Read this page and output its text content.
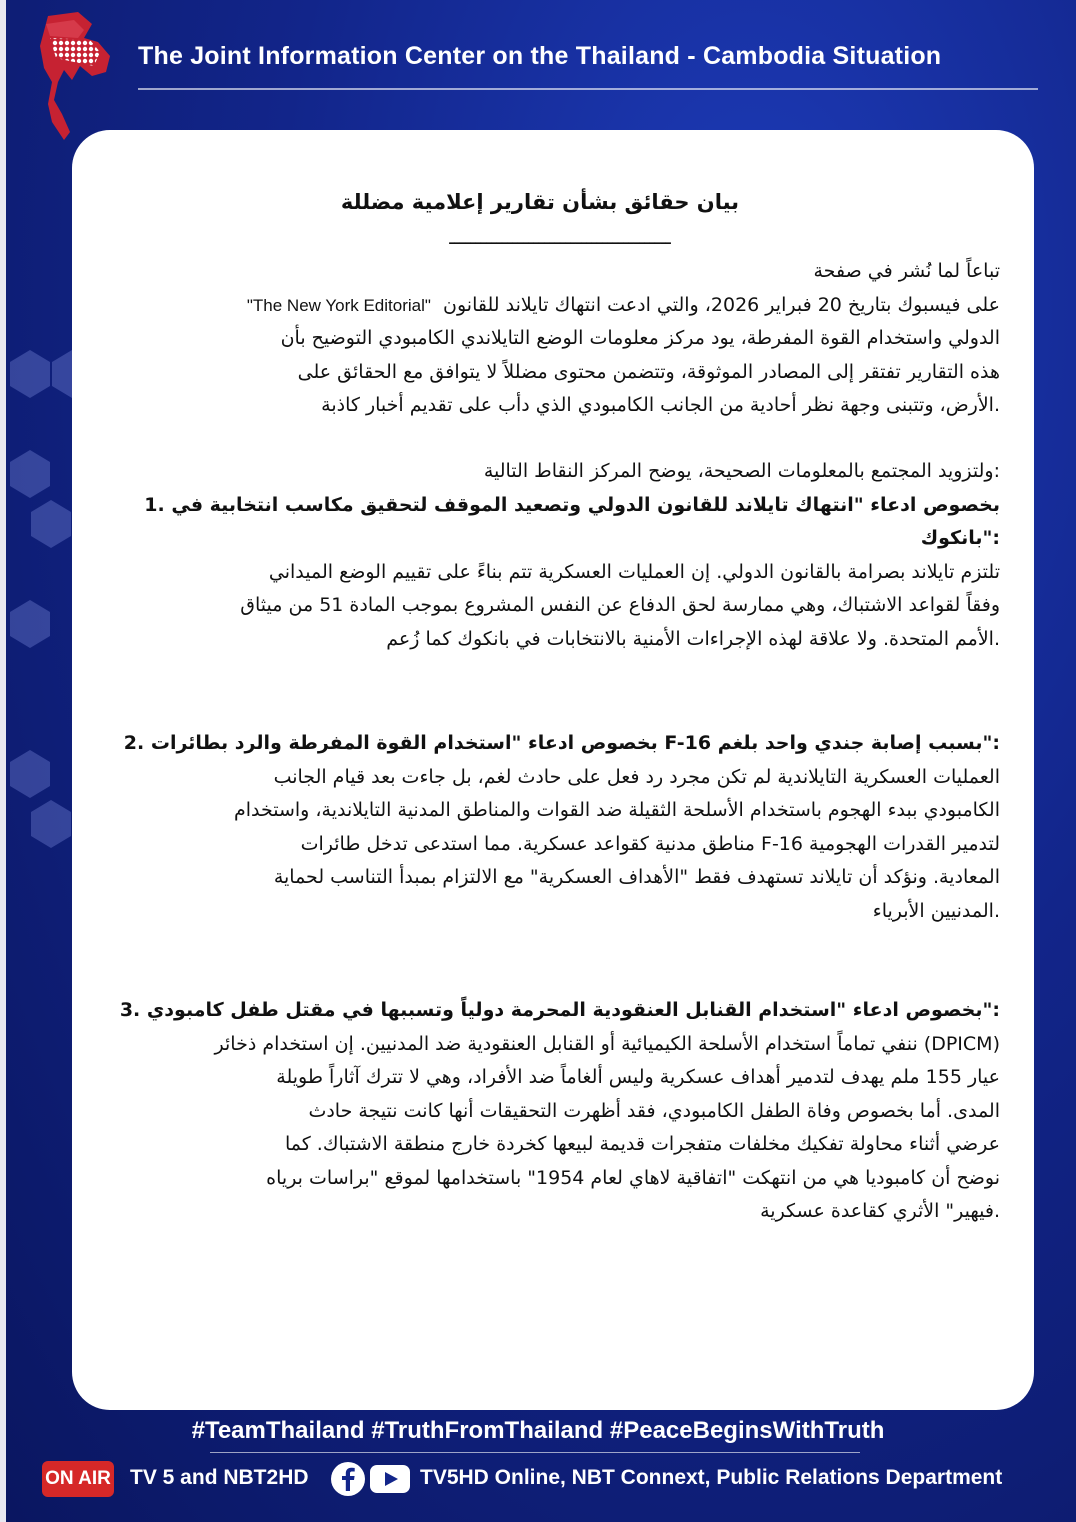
The Joint Information Center on the Thailand - Cambodia Situation
بيان حقائق بشأن تقارير إعلامية مضللة
ــــــــــــــــــــــــــــــــــــــــــ
تباعاً لما نُشر في صفحة
على فيسبوك بتاريخ 20 فبراير 2026، والتي ادعت انتهاك تايلاند للقانون  "The New York Editorial"
الدولي واستخدام القوة المفرطة، يود مركز معلومات الوضع التايلاندي الكامبودي التوضيح بأن
هذه التقارير تفتقر إلى المصادر الموثوقة، وتتضمن محتوى مضللاً لا يتوافق مع الحقائق على
.الأرض، وتتبنى وجهة نظر أحادية من الجانب الكامبودي الذي دأب على تقديم أخبار كاذبة
:ولتزويد المجتمع بالمعلومات الصحيحة، يوضح المركز النقاط التالية
بخصوص ادعاء "انتهاك تايلاند للقانون الدولي وتصعيد الموقف لتحقيق مكاسب انتخابية في .1
:"بانكوك
تلتزم تايلاند بصرامة بالقانون الدولي. إن العمليات العسكرية تتم بناءً على تقييم الوضع الميداني
وفقاً لقواعد الاشتباك، وهي ممارسة لحق الدفاع عن النفس المشروع بموجب المادة 51 من ميثاق
.الأمم المتحدة. ولا علاقة لهذه الإجراءات الأمنية بالانتخابات في بانكوك كما زُعم
:"بسبب إصابة جندي واحد بلغم F-16 بخصوص ادعاء "استخدام القوة المفرطة والرد بطائرات .2
العمليات العسكرية التايلاندية لم تكن مجرد رد فعل على حادث لغم، بل جاءت بعد قيام الجانب
الكامبودي ببدء الهجوم باستخدام الأسلحة الثقيلة ضد القوات والمناطق المدنية التايلاندية، واستخدام
لتدمير القدرات الهجومية F-16 مناطق مدنية كقواعد عسكرية. مما استدعى تدخل طائرات
المعادية. ونؤكد أن تايلاند تستهدف فقط "الأهداف العسكرية" مع الالتزام بمبدأ التناسب لحماية
.المدنيين الأبرياء
:"بخصوص ادعاء "استخدام القنابل العنقودية المحرمة دولياً وتسببها في مقتل طفل كامبودي .3
(DPICM) ننفي تماماً استخدام الأسلحة الكيميائية أو القنابل العنقودية ضد المدنيين. إن استخدام ذخائر
عيار 155 ملم يهدف لتدمير أهداف عسكرية وليس ألغاماً ضد الأفراد، وهي لا تترك آثاراً طويلة
المدى. أما بخصوص وفاة الطفل الكامبودي، فقد أظهرت التحقيقات أنها كانت نتيجة حادث
عرضي أثناء محاولة تفكيك مخلفات متفجرات قديمة لبيعها كخردة خارج منطقة الاشتباك. كما
نوضح أن كامبوديا هي من انتهكت "اتفاقية لاهاي لعام 1954" باستخدامها لموقع "براسات برياه
.فيهير" الأثري كقاعدة عسكرية
#TeamThailand #TruthFromThailand #PeaceBeginsWithTruth
ON AIR TV 5 and NBT2HD	TV5HD Online, NBT Connext, Public Relations Department
